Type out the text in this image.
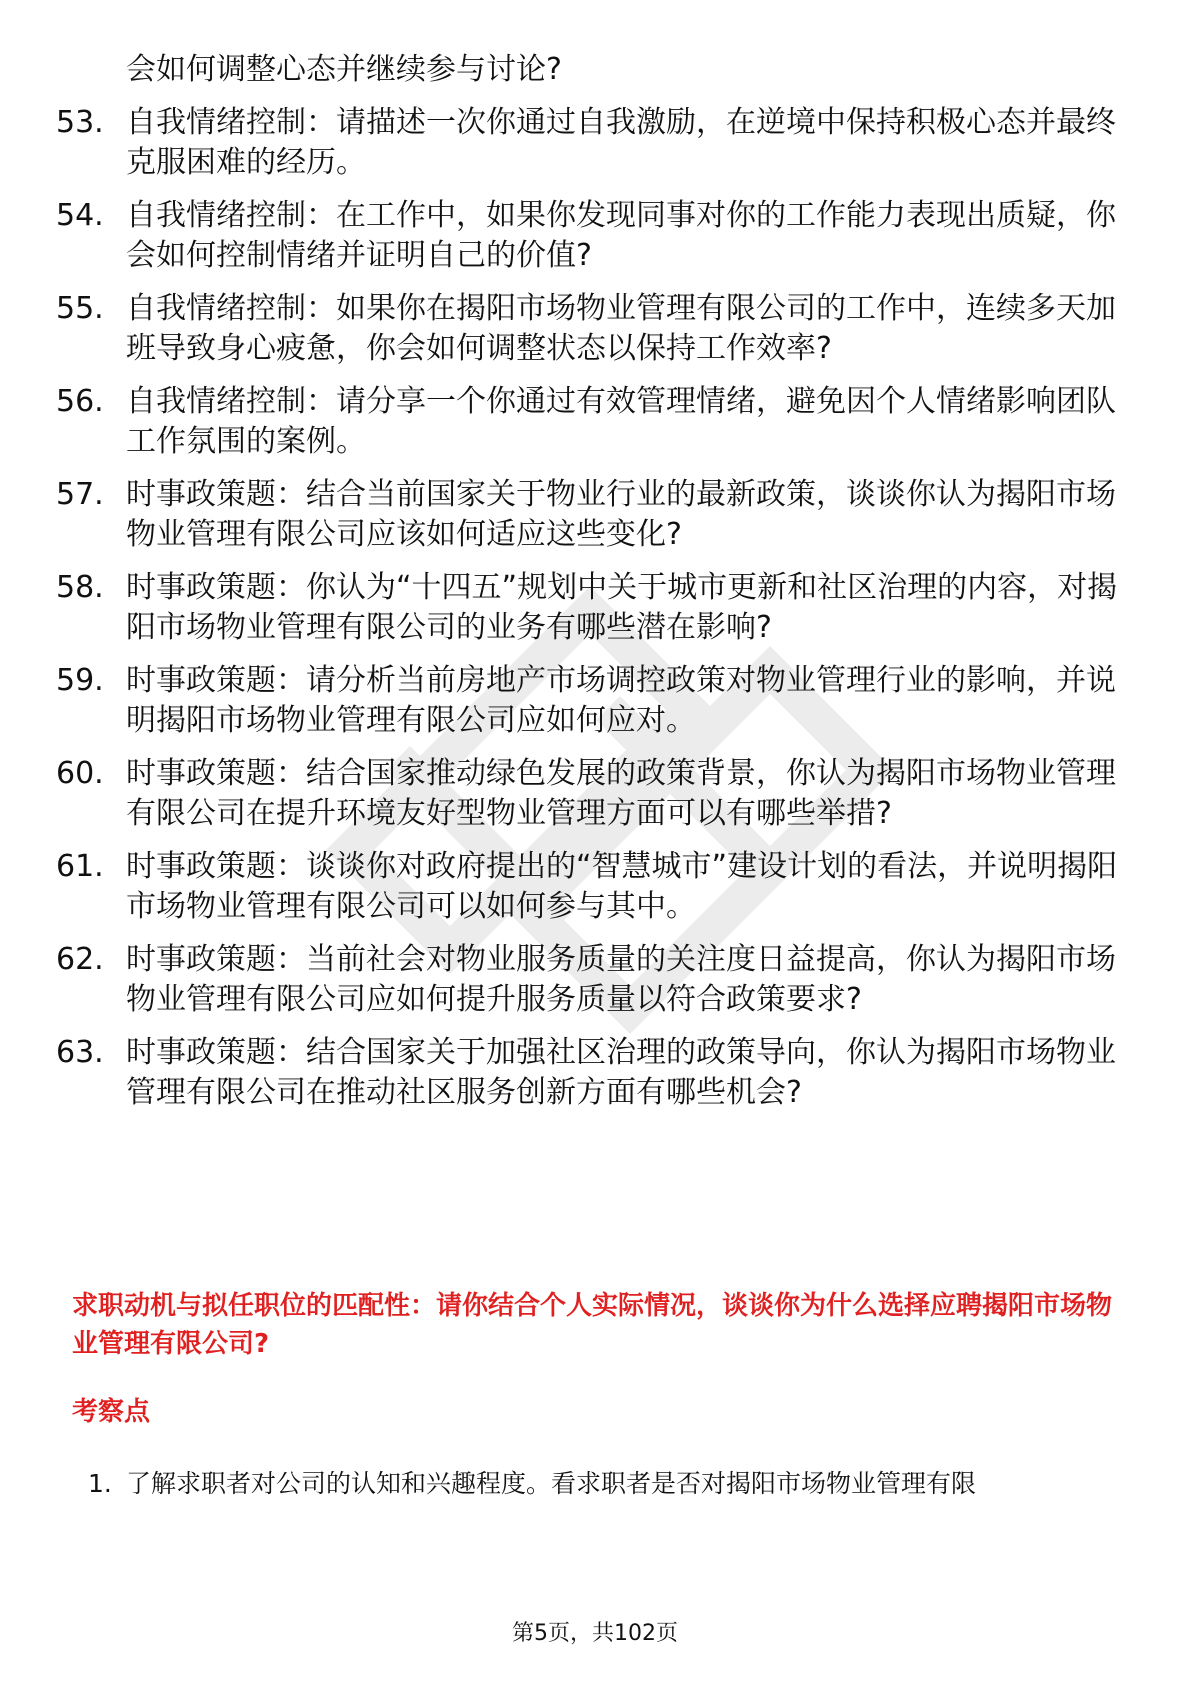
会如何调整心态并继续参与讨论?
53. 自我情绪控制：请描述一次你通过自我激励，在逆境中保持积极心态并最终克服困难的经历。
54. 自我情绪控制：在工作中，如果你发现同事对你的工作能力表现出质疑，你会如何控制情绪并证明自己的价值?
55. 自我情绪控制：如果你在揭阳市场物业管理有限公司的工作中，连续多天加班导致身心疲惫，你会如何调整状态以保持工作效率?
56. 自我情绪控制：请分享一个你通过有效管理情绪，避免因个人情绪影响团队工作氛围的案例。
57. 时事政策题：结合当前国家关于物业行业的最新政策，谈谈你认为揭阳市场物业管理有限公司应该如何适应这些变化?
58. 时事政策题：你认为“十四五”规划中关于城市更新和社区治理的内容，对揭阳市场物业管理有限公司的业务有哪些潜在影响?
59. 时事政策题：请分析当前房地产市场调控政策对物业管理行业的影响，并说明揭阳市场物业管理有限公司应如何应对。
60. 时事政策题：结合国家推动绿色发展的政策背景，你认为揭阳市场物业管理有限公司在提升环境友好型物业管理方面可以有哪些举措?
61. 时事政策题：谈谈你对政府提出的“智慧城市”建设计划的看法，并说明揭阳市场物业管理有限公司可以如何参与其中。
62. 时事政策题：当前社会对物业服务质量的关注度日益提高，你认为揭阳市场物业管理有限公司应如何提升服务质量以符合政策要求?
63. 时事政策题：结合国家关于加强社区治理的政策导向，你认为揭阳市场物业管理有限公司在推动社区服务创新方面有哪些机会?
求职动机与拟任职位的匹配性：请你结合个人实际情况，谈谈你为什么选择应聘揭阳市场物业管理有限公司?
考察点
1. 了解求职者对公司的认知和兴趣程度。看求职者是否对揭阳市场物业管理有限
第5页，共102页
